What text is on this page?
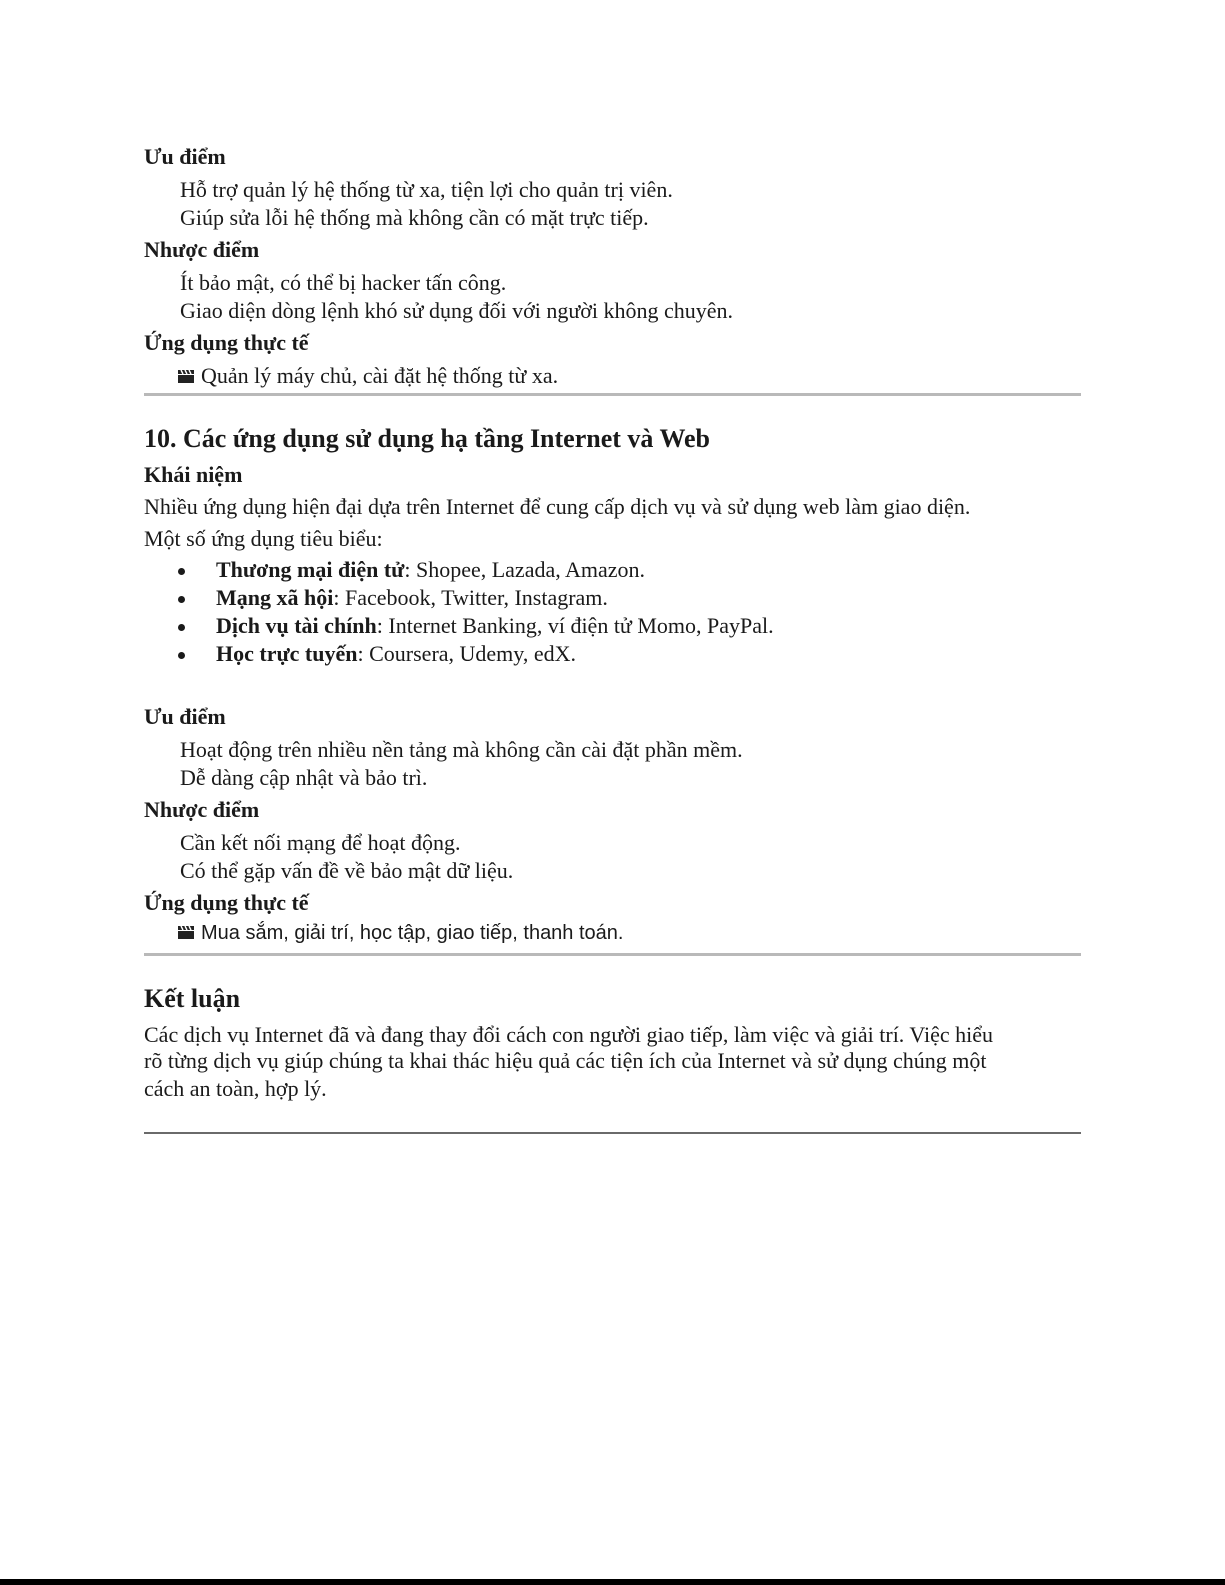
Ưu điểm
Hỗ trợ quản lý hệ thống từ xa, tiện lợi cho quản trị viên.
Giúp sửa lỗi hệ thống mà không cần có mặt trực tiếp.
Nhược điểm
Ít bảo mật, có thể bị hacker tấn công.
Giao diện dòng lệnh khó sử dụng đối với người không chuyên.
Ứng dụng thực tế
Quản lý máy chủ, cài đặt hệ thống từ xa.
10. Các ứng dụng sử dụng hạ tầng Internet và Web
Khái niệm
Nhiều ứng dụng hiện đại dựa trên Internet để cung cấp dịch vụ và sử dụng web làm giao diện.
Một số ứng dụng tiêu biểu:
Thương mại điện tử: Shopee, Lazada, Amazon.
Mạng xã hội: Facebook, Twitter, Instagram.
Dịch vụ tài chính: Internet Banking, ví điện tử Momo, PayPal.
Học trực tuyến: Coursera, Udemy, edX.
Ưu điểm
Hoạt động trên nhiều nền tảng mà không cần cài đặt phần mềm.
Dễ dàng cập nhật và bảo trì.
Nhược điểm
Cần kết nối mạng để hoạt động.
Có thể gặp vấn đề về bảo mật dữ liệu.
Ứng dụng thực tế
Mua sắm, giải trí, học tập, giao tiếp, thanh toán.
Kết luận
Các dịch vụ Internet đã và đang thay đổi cách con người giao tiếp, làm việc và giải trí. Việc hiểu
rõ từng dịch vụ giúp chúng ta khai thác hiệu quả các tiện ích của Internet và sử dụng chúng một
cách an toàn, hợp lý.
